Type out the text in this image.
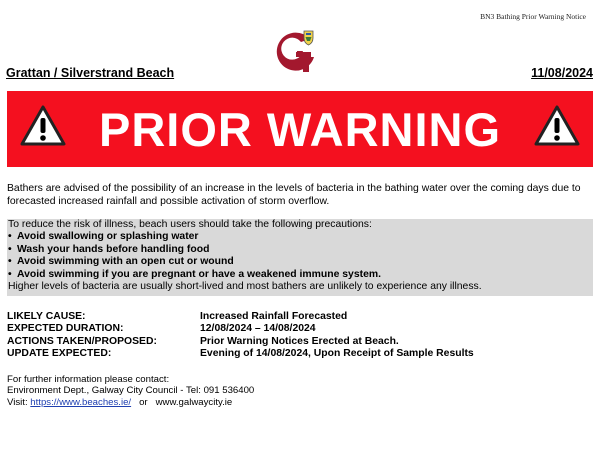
BN3 Bathing Prior Warning Notice
Grattan / Silverstrand Beach	11/08/2024
PRIOR WARNING
Bathers are advised of the possibility of an increase in the levels of bacteria in the bathing water over the coming days due to forecasted increased rainfall and possible activation of storm overflow.
To reduce the risk of illness, beach users should take the following precautions:
• Avoid swallowing or splashing water
• Wash your hands before handling food
• Avoid swimming with an open cut or wound
• Avoid swimming if you are pregnant or have a weakened immune system.
Higher levels of bacteria are usually short-lived and most bathers are unlikely to experience any illness.
LIKELY CAUSE:	Increased Rainfall Forecasted
EXPECTED DURATION:	12/08/2024 – 14/08/2024
ACTIONS TAKEN/PROPOSED:	Prior Warning Notices Erected at Beach.
UPDATE EXPECTED:	Evening of 14/08/2024, Upon Receipt of Sample Results
For further information please contact:
Environment Dept., Galway City Council - Tel: 091 536400
Visit: https://www.beaches.ie/ or www.galwaycity.ie
